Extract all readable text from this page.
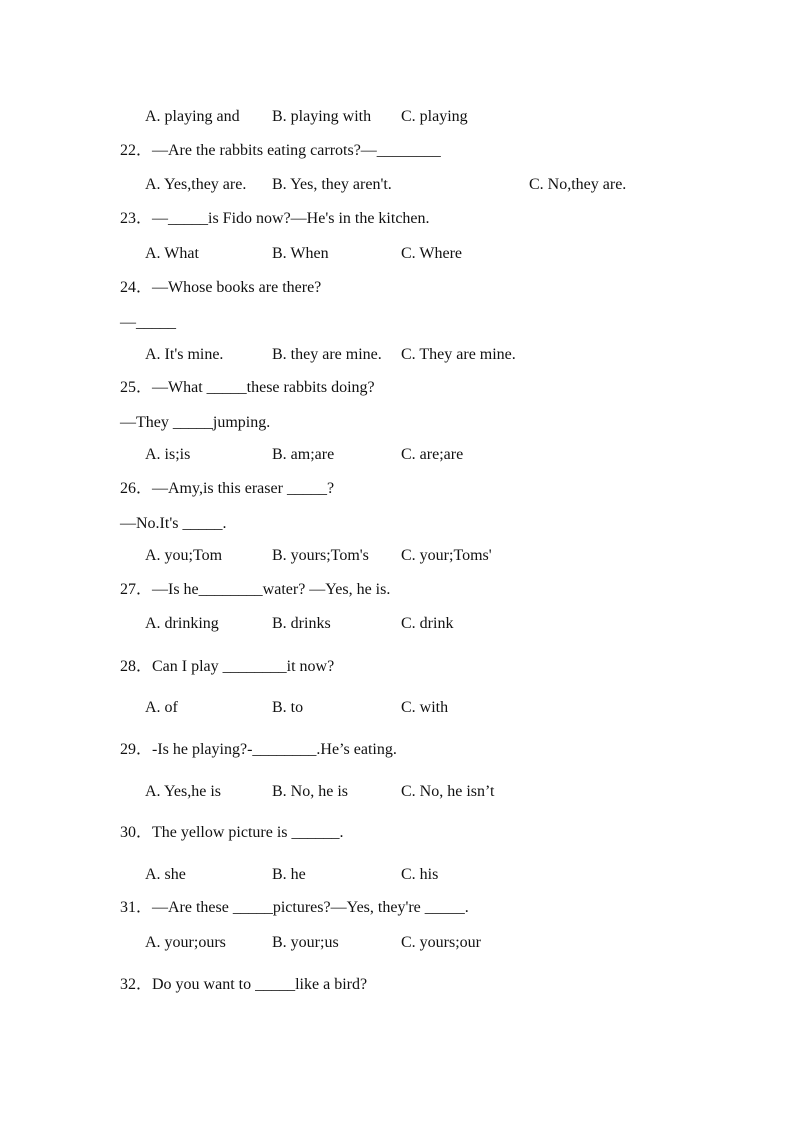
A. playing and B. playing with C. playing
22．—Are the rabbits eating carrots?—________
A. Yes,they are. B. Yes, they aren't.	C. No,they are.
23．—_____is Fido now?—He's in the kitchen.
A. What	B. When	C. Where
24．—Whose books are there?
—_____
A. It's mine.	B. they are mine. C. They are mine.
25．—What _____these rabbits doing?
—They _____jumping.
A. is;is	B. am;are	C. are;are
26．—Amy,is this eraser _____?
—No.It's _____.
A. you;Tom	B. yours;Tom's C. your;Toms'
27．—Is he________water? —Yes, he is.
A. drinking	B. drinks	C. drink
28．Can I play ________it now?
A. of	B. to	C. with
29．-Is he playing?-________.He’s eating.
A. Yes,he is	B. No, he is	C. No, he isn’t
30．The yellow picture is ______.
A. she	B. he	C. his
31．—Are these _____pictures?—Yes, they're _____.
A. your;ours	B. your;us	C. yours;our
32．Do you want to _____like a bird?
